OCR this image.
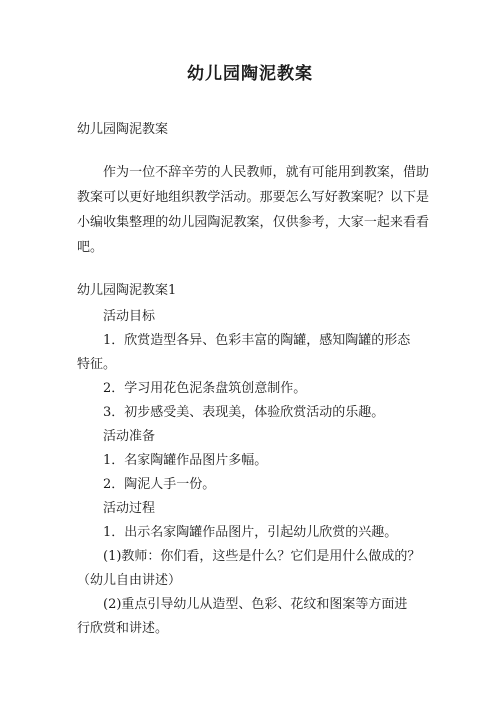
幼儿园陶泥教案
幼儿园陶泥教案

作为一位不辞辛劳的人民教师，就有可能用到教案，借助教案可以更好地组织教学活动。那要怎么写好教案呢？以下是小编收集整理的幼儿园陶泥教案，仅供参考，大家一起来看看吧。

幼儿园陶泥教案1
活动目标
1．欣赏造型各异、色彩丰富的陶罐，感知陶罐的形态
特征。
2．学习用花色泥条盘筑创意制作。
3．初步感受美、表现美，体验欣赏活动的乐趣。
活动准备
1．名家陶罐作品图片多幅。
2．陶泥人手一份。
活动过程
1．出示名家陶罐作品图片，引起幼儿欣赏的兴趣。
(1)教师：你们看，这些是什么？它们是用什么做成的？
（幼儿自由讲述）
(2)重点引导幼儿从造型、色彩、花纹和图案等方面进
行欣赏和讲述。
